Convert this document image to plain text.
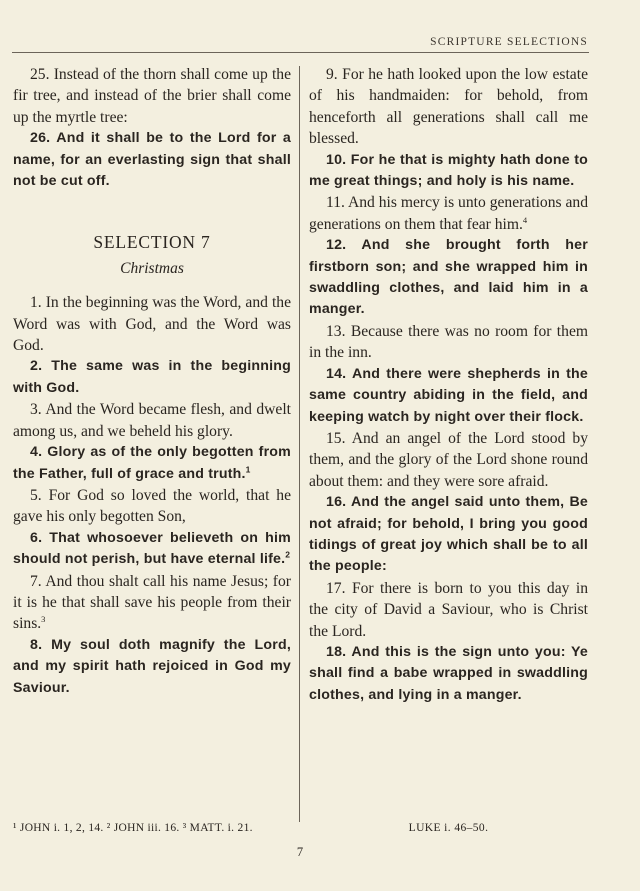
SCRIPTURE SELECTIONS

25. Instead of the thorn shall come up the fir tree, and instead of the brier shall come up the myrtle tree:

26. And it shall be to the Lord for a name, for an everlasting sign that shall not be cut off.

SELECTION 7
Christmas

1. In the beginning was the Word, and the Word was with God, and the Word was God.

2. The same was in the beginning with God.

3. And the Word became flesh, and dwelt among us, and we beheld his glory.

4. Glory as of the only begotten from the Father, full of grace and truth.$^1$

5. For God so loved the world, that he gave his only begotten Son,

6. That whosoever believeth on him should not perish, but have eternal life.$^2$

7. And thou shalt call his name Jesus; for it is he that shall save his people from their sins.$^3$

8. My soul doth magnify the Lord, and my spirit hath rejoiced in God my Saviour.

9. For he hath looked upon the low estate of his handmaiden: for behold, from henceforth all generations shall call me blessed.

10. For he that is mighty hath done to me great things; and holy is his name.

11. And his mercy is unto generations and generations on them that fear him.$^4$

12. And she brought forth her firstborn son; and she wrapped him in swaddling clothes, and laid him in a manger.

13. Because there was no room for them in the inn.

14. And there were shepherds in the same country abiding in the field, and keeping watch by night over their flock.

15. And an angel of the Lord stood by them, and the glory of the Lord shone round about them: and they were sore afraid.

16. And the angel said unto them, Be not afraid; for behold, I bring you good tidings of great joy which shall be to all the people:

17. For there is born to you this day in the city of David a Saviour, who is Christ the Lord.

18. And this is the sign unto you: Ye shall find a babe wrapped in swaddling clothes, and lying in a manger.

¹ JOHN i. 1, 2, 14. ² JOHN iii. 16. ³ MATT. i. 21.	LUKE i. 46–50.
7
